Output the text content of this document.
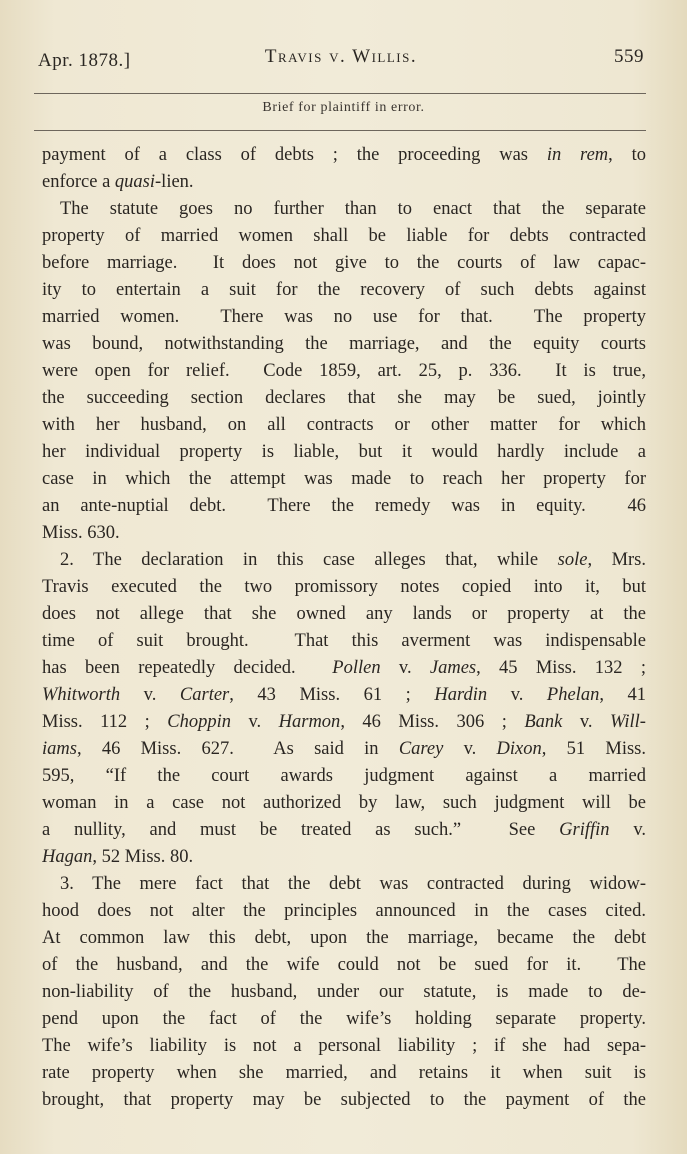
Apr. 1878.]	Travis v. Willis.	559
Brief for plaintiff in error.
payment of a class of debts ; the proceeding was in rem, to
enforce a quasi-lien.
The statute goes no further than to enact that the separate
property of married women shall be liable for debts contracted
before marriage.  It does not give to the courts of law capac-
ity to entertain a suit for the recovery of such debts against
married women.  There was no use for that.  The property
was bound, notwithstanding the marriage, and the equity courts
were open for relief.  Code 1859, art. 25, p. 336.  It is true,
the succeeding section declares that she may be sued, jointly
with her husband, on all contracts or other matter for which
her individual property is liable, but it would hardly include a
case in which the attempt was made to reach her property for
an ante-nuptial debt.  There the remedy was in equity.  46
Miss. 630.
2. The declaration in this case alleges that, while sole, Mrs.
Travis executed the two promissory notes copied into it, but
does not allege that she owned any lands or property at the
time of suit brought.  That this averment was indispensable
has been repeatedly decided.  Pollen v. James, 45 Miss. 132 ;
Whitworth v. Carter, 43 Miss. 61 ; Hardin v. Phelan, 41
Miss. 112 ; Choppin v. Harmon, 46 Miss. 306 ; Bank v. Will-
iams, 46 Miss. 627.  As said in Carey v. Dixon, 51 Miss.
595, “If the court awards judgment against a married
woman in a case not authorized by law, such judgment will be
a nullity, and must be treated as such.”  See Griffin v.
Hagan, 52 Miss. 80.
3. The mere fact that the debt was contracted during widow-
hood does not alter the principles announced in the cases cited.
At common law this debt, upon the marriage, became the debt
of the husband, and the wife could not be sued for it.  The
non-liability of the husband, under our statute, is made to de-
pend upon the fact of the wife’s holding separate property.
The wife’s liability is not a personal liability ; if she had sepa-
rate property when she married, and retains it when suit is
brought, that property may be subjected to the payment of the
